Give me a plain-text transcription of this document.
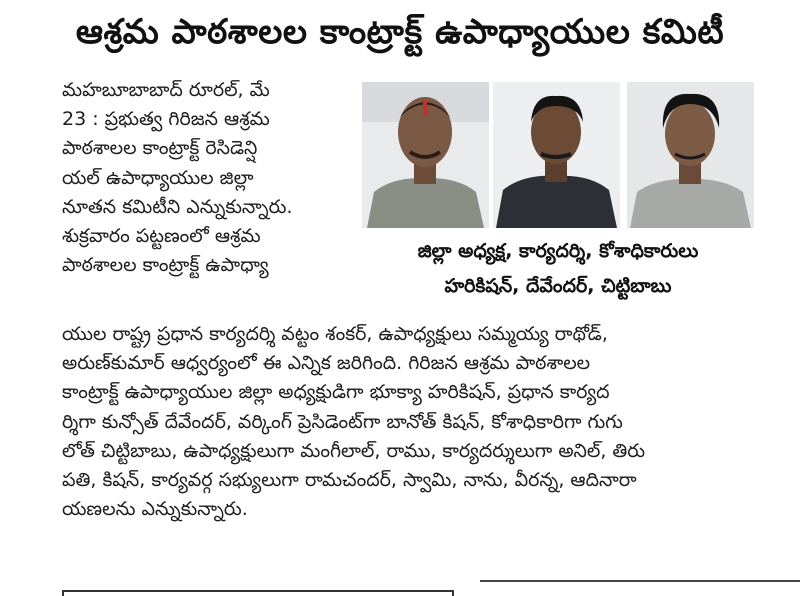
ఆశ్రమ పాఠశాలల కాంట్రాక్ట్ ఉపాధ్యాయుల కమిటీ
మహబూబాబాద్ రూరల్, మే
23 : ప్రభుత్వ గిరిజన ఆశ్రమ
పాఠశాలల కాంట్రాక్ట్ రెసిడెన్షి
యల్ ఉపాధ్యాయుల జిల్లా
నూతన కమిటీని ఎన్నుకున్నారు.
శుక్రవారం పట్టణంలో ఆశ్రమ
పాఠశాలల కాంట్రాక్ట్ ఉపాధ్యా
జిల్లా అధ్యక్ష, కార్యదర్శి, కోశాధికారులు
హరికిషన్, దేవేందర్, చిట్టిబాబు
యుల రాష్ట్ర ప్రధాన కార్యదర్శి వట్టం శంకర్, ఉపాధ్యక్షులు సమ్మయ్య రాథోడ్,
అరుణ్‌కుమార్ ఆధ్వర్యంలో ఈ ఎన్నిక జరిగింది. గిరిజన ఆశ్రమ పాఠశాలల
కాంట్రాక్ట్ ఉపాధ్యాయుల జిల్లా అధ్యక్షుడిగా భూక్యా హరికిషన్, ప్రధాన కార్యద
ర్శిగా కున్సోత్ దేవేందర్, వర్కింగ్ ప్రెసిడెంట్‌గా బానోత్ కిషన్, కోశాధికారిగా గుగు
లోత్ చిట్టిబాబు, ఉపాధ్యక్షులుగా మంగీలాల్, రాము, కార్యదర్శులుగా అనిల్, తిరు
పతి, కిషన్, కార్యవర్గ సభ్యులుగా రామచందర్, స్వామి, నాను, వీరన్న, ఆదినారా
యణలను ఎన్నుకున్నారు.
